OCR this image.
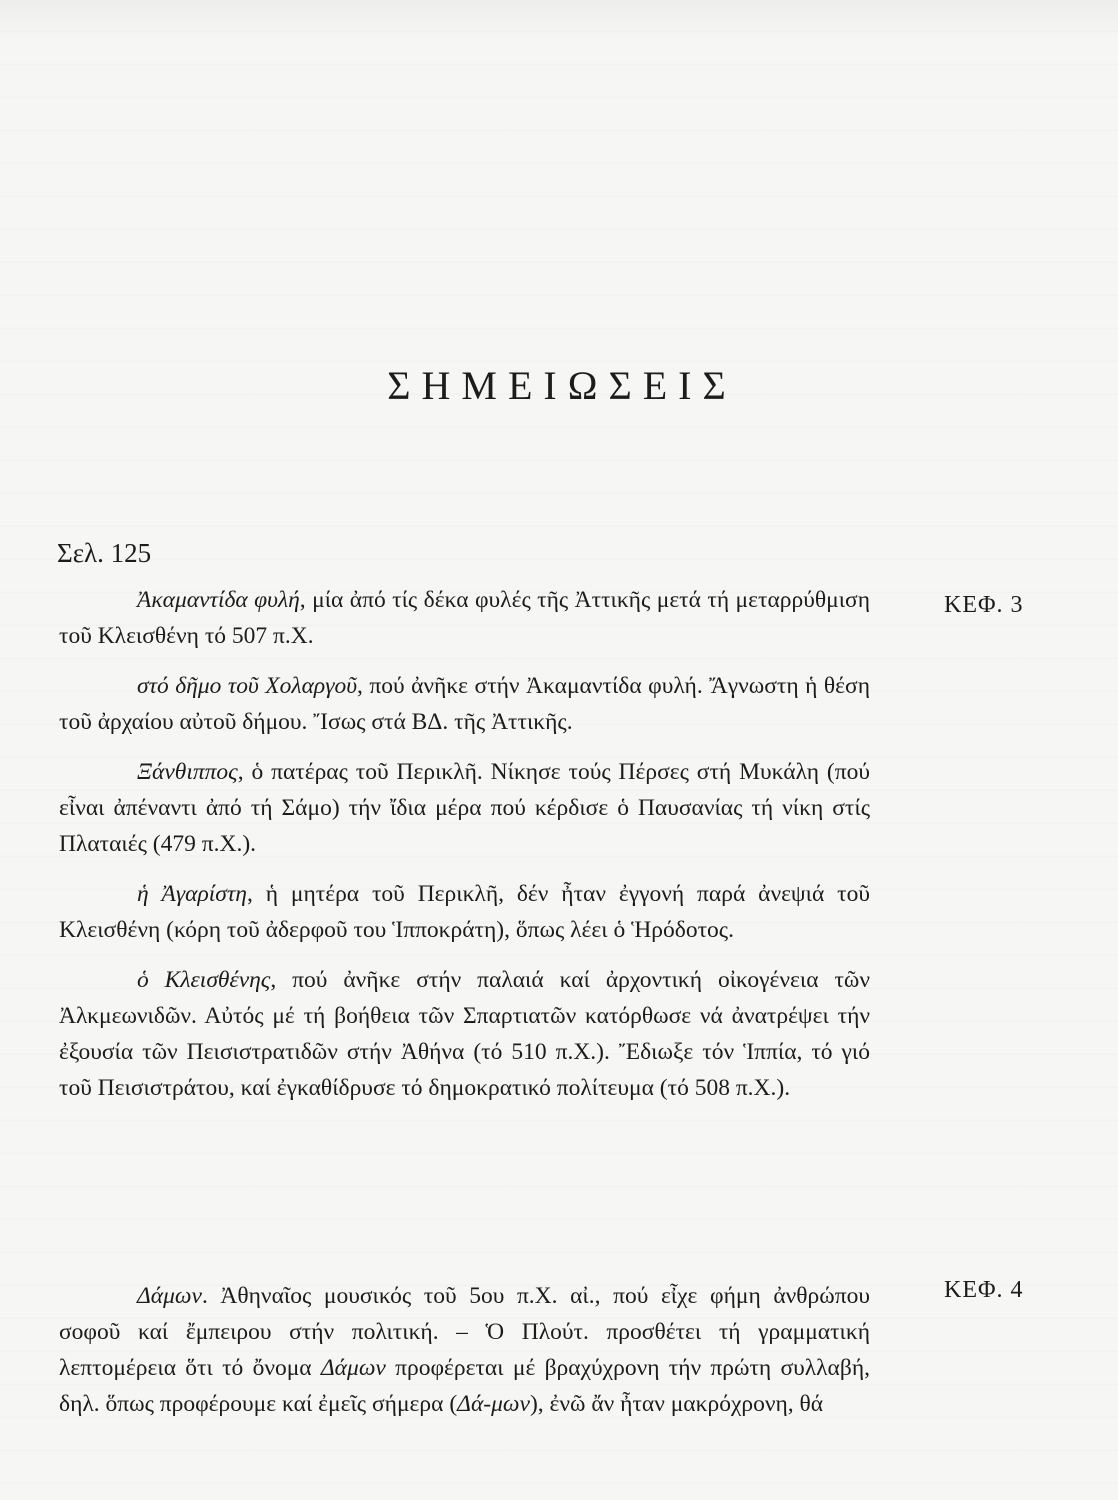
ΣΗΜΕΙΩΣΕΙΣ

Σελ. 125

ΚΕΦ. 3

ΚΕΦ. 4

Ἀκαμαντίδα φυλή, μία ἀπό τίς δέκα φυλές τῆς Ἀττικῆς μετά τή μεταρρύθμιση τοῦ Κλεισθένη τό 507 π.Χ.

στό δῆμο τοῦ Χολαργοῦ, πού ἀνῆκε στήν Ἀκαμαντίδα φυλή. Ἄγνωστη ἡ θέση τοῦ ἀρχαίου αὐτοῦ δήμου. Ἴσως στά ΒΔ. τῆς Ἀττικῆς.

Ξάνθιππος, ὁ πατέρας τοῦ Περικλῆ. Νίκησε τούς Πέρσες στή Μυκάλη (πού εἶναι ἀπέναντι ἀπό τή Σάμο) τήν ἴδια μέρα πού κέρδισε ὁ Παυσανίας τή νίκη στίς Πλαταιές (479 π.Χ.).

ἡ Ἀγαρίστη, ἡ μητέρα τοῦ Περικλῆ, δέν ἦταν ἐγγονή παρά ἀνεψιά τοῦ Κλεισθένη (κόρη τοῦ ἀδερφοῦ του Ἱπποκράτη), ὅπως λέει ὁ Ἡρόδοτος.

ὁ Κλεισθένης, πού ἀνῆκε στήν παλαιά καί ἀρχοντική οἰκογένεια τῶν Ἀλκμεωνιδῶν. Αὐτός μέ τή βοήθεια τῶν Σπαρτιατῶν κατόρθωσε νά ἀνατρέψει τήν ἐξουσία τῶν Πεισιστρατιδῶν στήν Ἀθήνα (τό 510 π.Χ.). Ἔδιωξε τόν Ἱππία, τό γιό τοῦ Πεισιστράτου, καί ἐγκαθίδρυσε τό δημοκρατικό πολίτευμα (τό 508 π.Χ.).

Δάμων. Ἀθηναῖος μουσικός τοῦ 5ου π.Χ. αἰ., πού εἶχε φήμη ἀνθρώπου σοφοῦ καί ἔμπειρου στήν πολιτική. – Ὁ Πλούτ. προσθέτει τή γραμματική λεπτομέρεια ὅτι τό ὄνομα Δάμων προφέρεται μέ βραχύχρονη τήν πρώτη συλλαβή, δηλ. ὅπως προφέρουμε καί ἐμεῖς σήμερα (Δά-μων), ἐνῶ ἄν ἦταν μακρόχρονη, θά
